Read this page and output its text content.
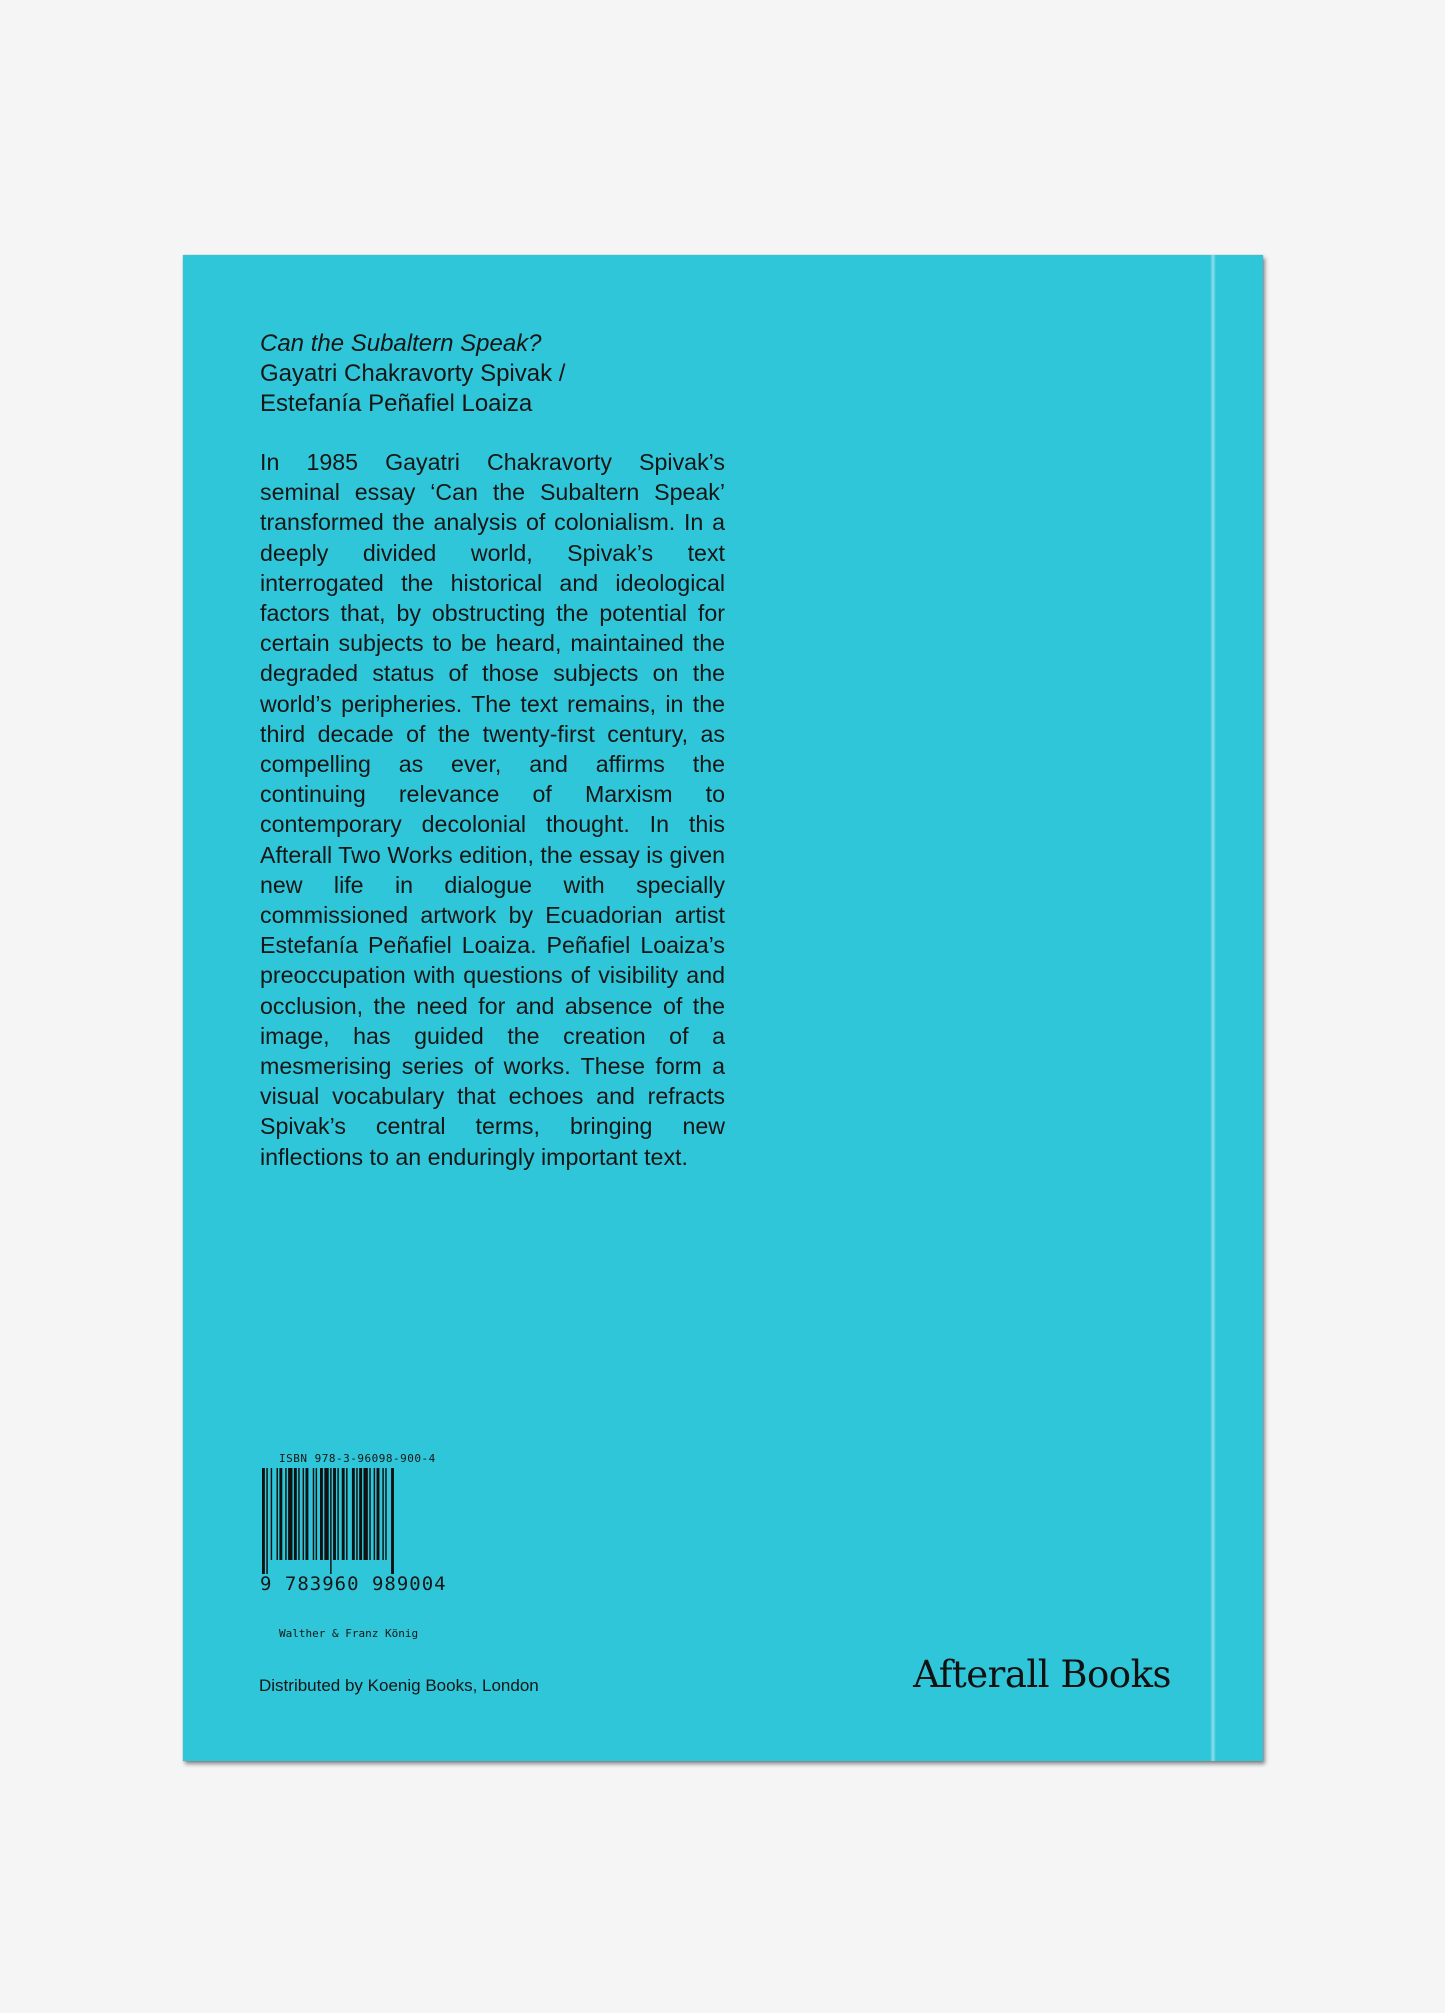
Can the Subaltern Speak?
Gayatri Chakravorty Spivak /
Estefanía Peñafiel Loaiza

In 1985 Gayatri Chakravorty Spivak’s seminal essay ‘Can the Subaltern Speak’ transformed the analysis of colonialism. In a deeply divided world, Spivak’s text interrogated the historical and ideological factors that, by obstructing the potential for certain subjects to be heard, maintained the degraded status of those subjects on the world’s peripheries. The text remains, in the third decade of the twenty-first century, as compelling as ever, and affirms the continuing relevance of Marxism to contemporary decolonial thought. In this Afterall Two Works edition, the essay is given new life in dialogue with specially commissioned artwork by Ecuadorian artist Estefanía Peñafiel Loaiza. Peñafiel Loaiza’s preoccupation with questions of visibility and occlusion, the need for and absence of the image, has guided the creation of a mesmerising series of works. These form a visual vocabulary that echoes and refracts Spivak’s central terms, bringing new inflections to an enduringly important text.

ISBN 978-3-96098-900-4
9 783960 989004
Walther & Franz König
Distributed by Koenig Books, London	Afterall Books
